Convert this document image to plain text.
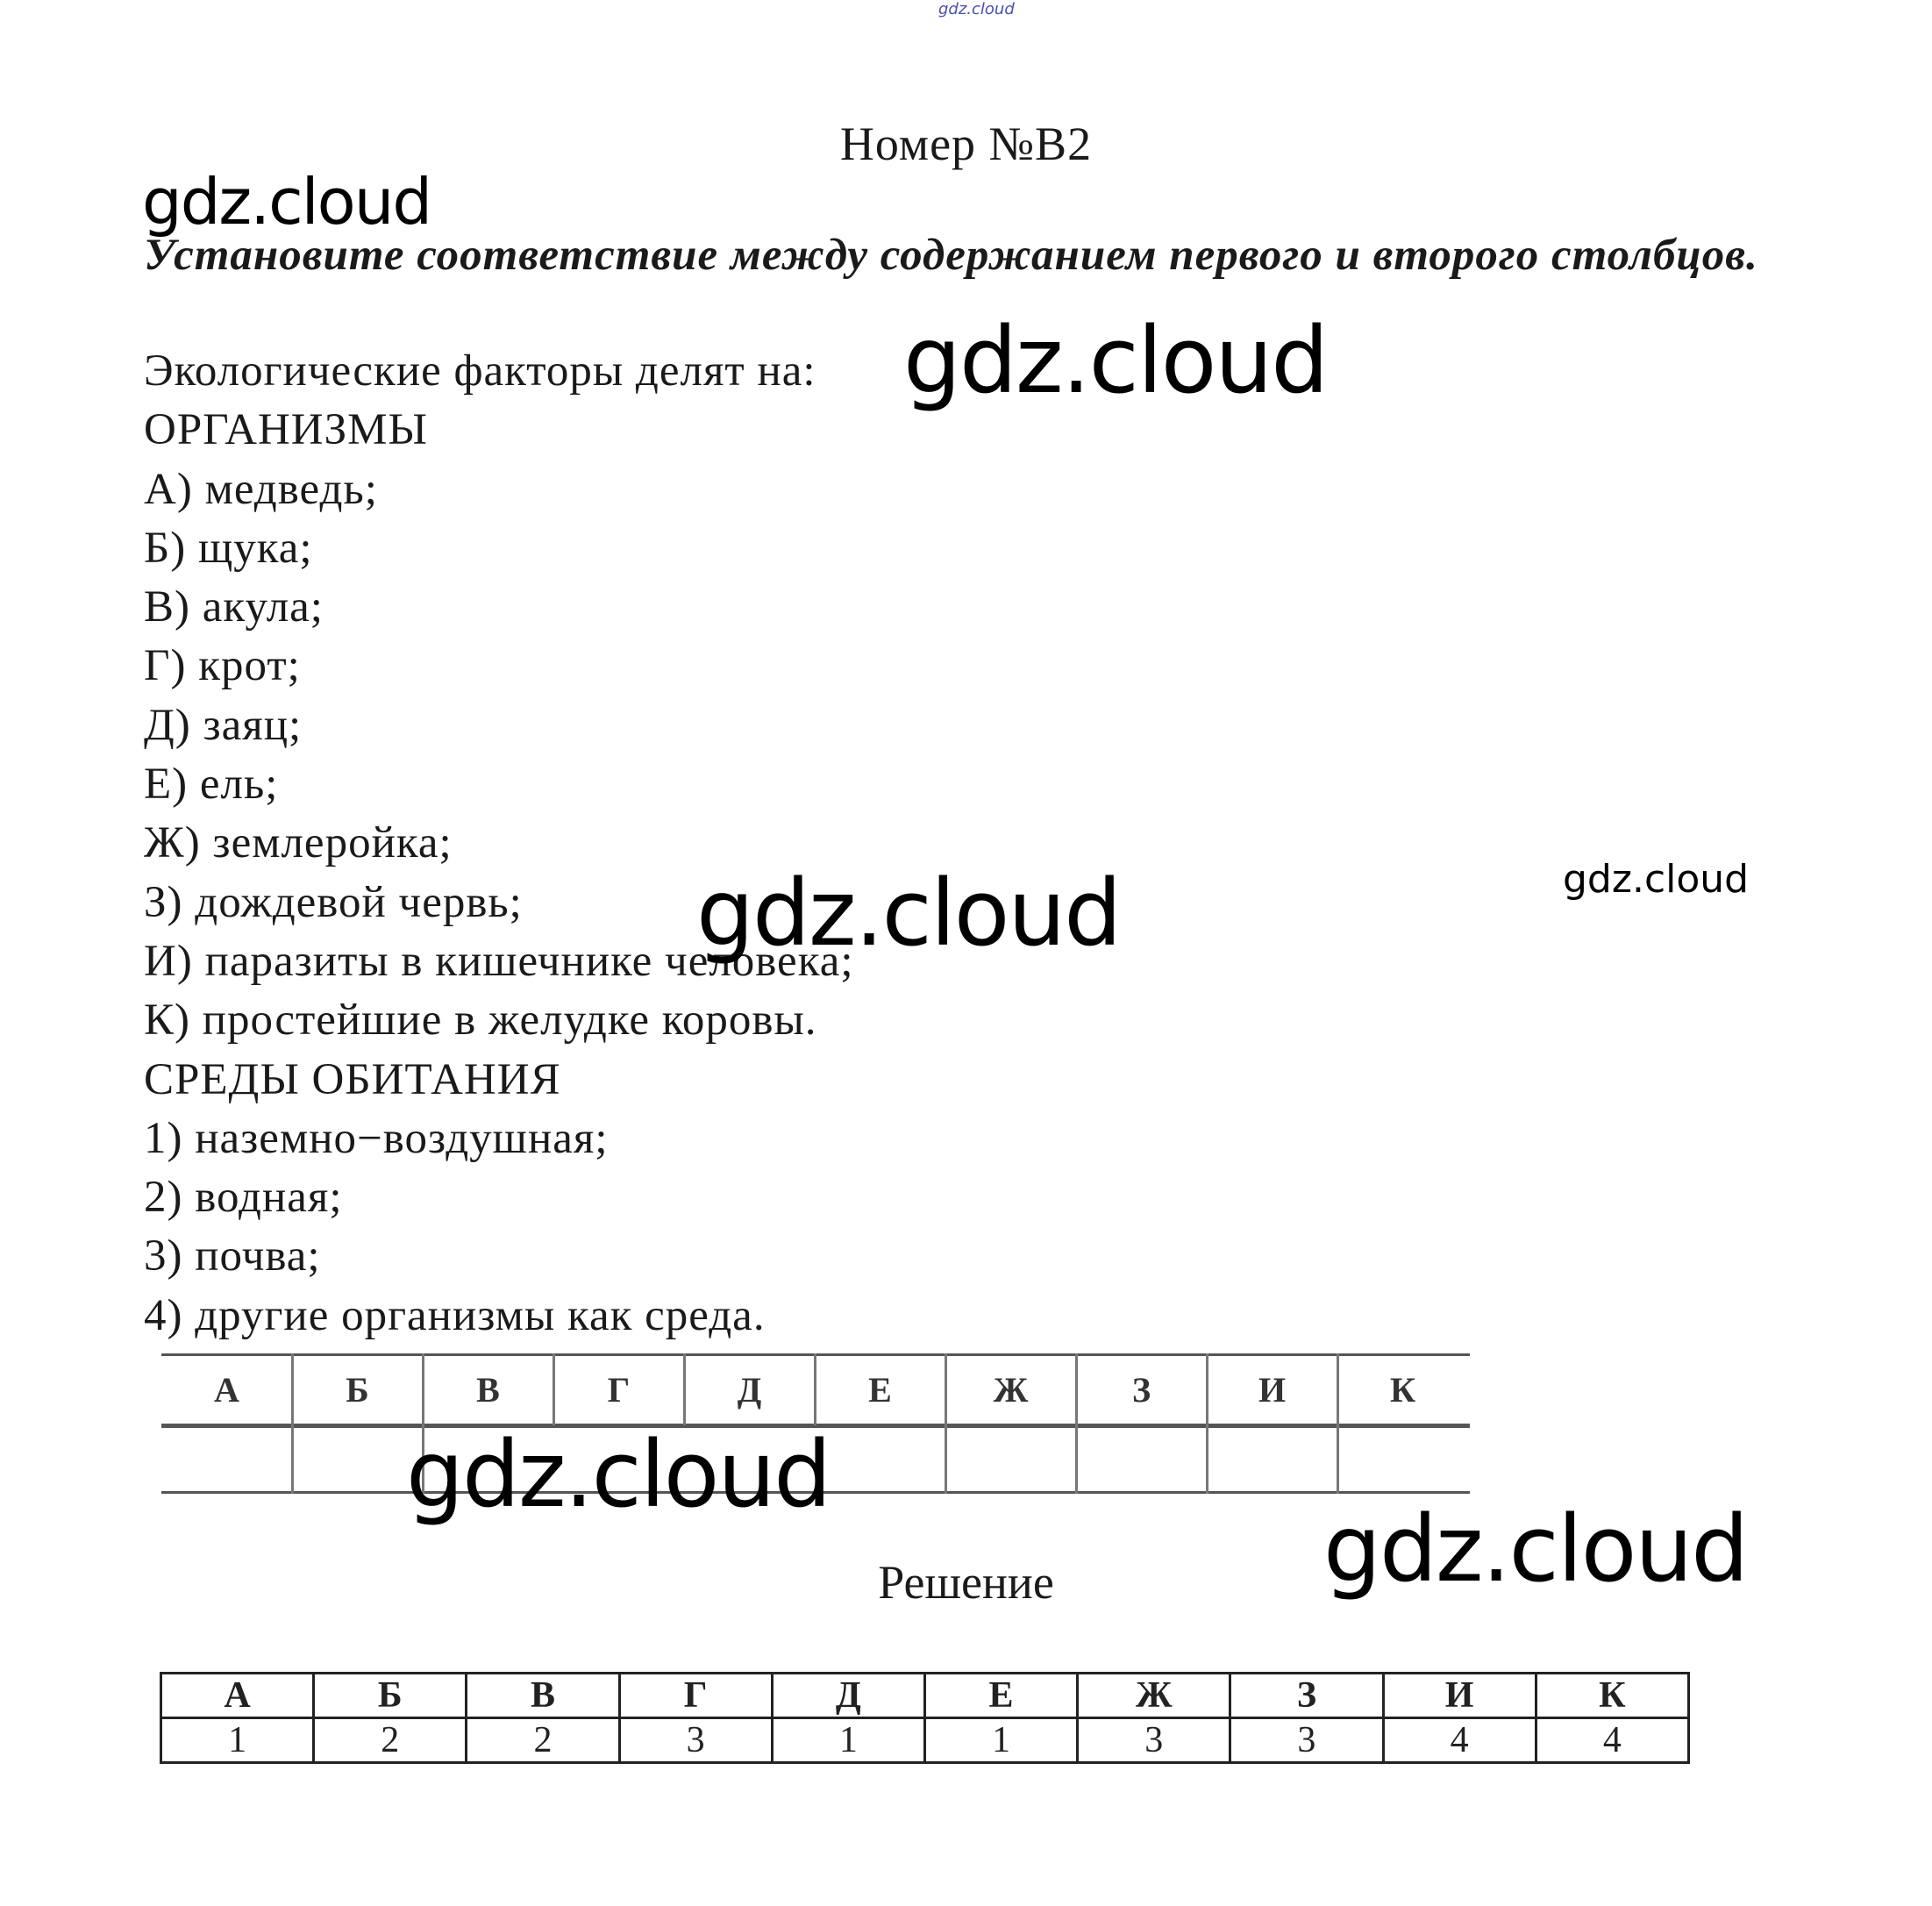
gdz.cloud
Номер №В2
gdz.cloud
gdz.cloud
gdz.cloud	gdz.cloud
gdz.cloud
gdz.cloud
Установите соответствие между содержанием первого и второго столбцов.
Экологические факторы делят на:
ОРГАНИЗМЫ
А) медведь;
Б) щука;
В) акула;
Г) крот;
Д) заяц;
Е) ель;
Ж) землеройка;
З) дождевой червь;
И) паразиты в кишечнике человека;
К) простейшие в желудке коровы.
СРЕДЫ ОБИТАНИЯ
1) наземно−воздушная;
2) водная;
3) почва;
4) другие организмы как среда.
А	Б	В	Г	Д	Е	Ж	З	И	К
Решение
А	Б	В	Г	Д	Е	Ж	З	И	К
1	2	2	3	1	1	3	3	4	4
